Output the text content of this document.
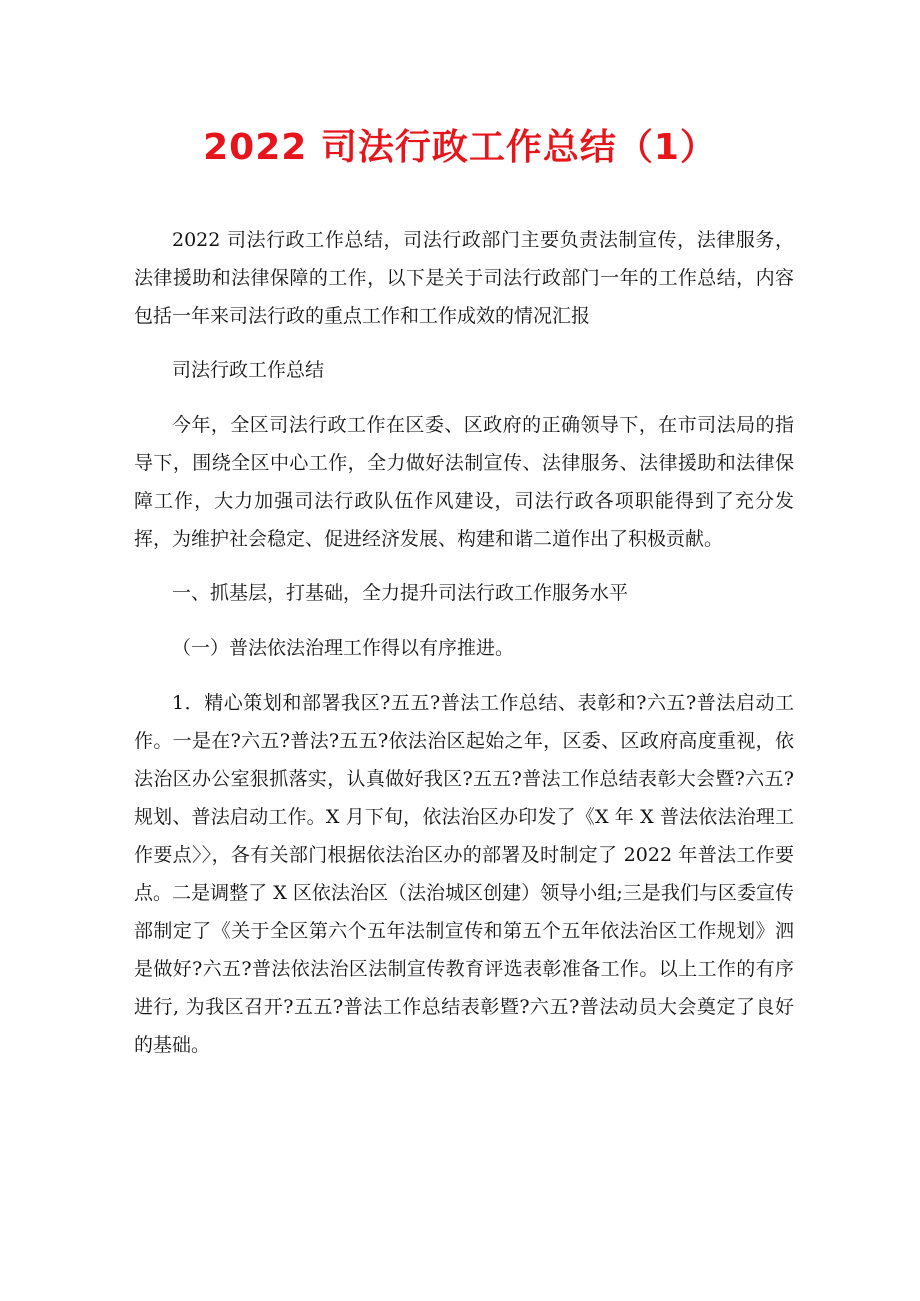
2022 司法行政工作总结（1）

2022 司法行政工作总结，司法行政部门主要负责法制宣传，法律服务，法律援助和法律保障的工作，以下是关于司法行政部门一年的工作总结，内容包括一年来司法行政的重点工作和工作成效的情况汇报

司法行政工作总结

今年，全区司法行政工作在区委、区政府的正确领导下，在市司法局的指导下，围绕全区中心工作，全力做好法制宣传、法律服务、法律援助和法律保障工作，大力加强司法行政队伍作风建设，司法行政各项职能得到了充分发挥，为维护社会稳定、促进经济发展、构建和谐二道作出了积极贡献。

一、抓基层，打基础，全力提升司法行政工作服务水平

（一）普法依法治理工作得以有序推进。

1．精心策划和部署我区?五五?普法工作总结、表彰和?六五?普法启动工作。一是在?六五?普法?五五?依法治区起始之年，区委、区政府高度重视，依法治区办公室狠抓落实，认真做好我区?五五?普法工作总结表彰大会暨?六五?规划、普法启动工作。X 月下旬，依法治区办印发了《X 年 X 普法依法治理工作要点〉〉，各有关部门根据依法治区办的部署及时制定了 2022 年普法工作要点。二是调整了 X 区依法治区（法治城区创建）领导小组;三是我们与区委宣传部制定了《关于全区第六个五年法制宣传和第五个五年依法治区工作规划》泗是做好?六五?普法依法治区法制宣传教育评选表彰准备工作。以上工作的有序进行, 为我区召开?五五?普法工作总结表彰暨?六五?普法动员大会奠定了良好的基础。
